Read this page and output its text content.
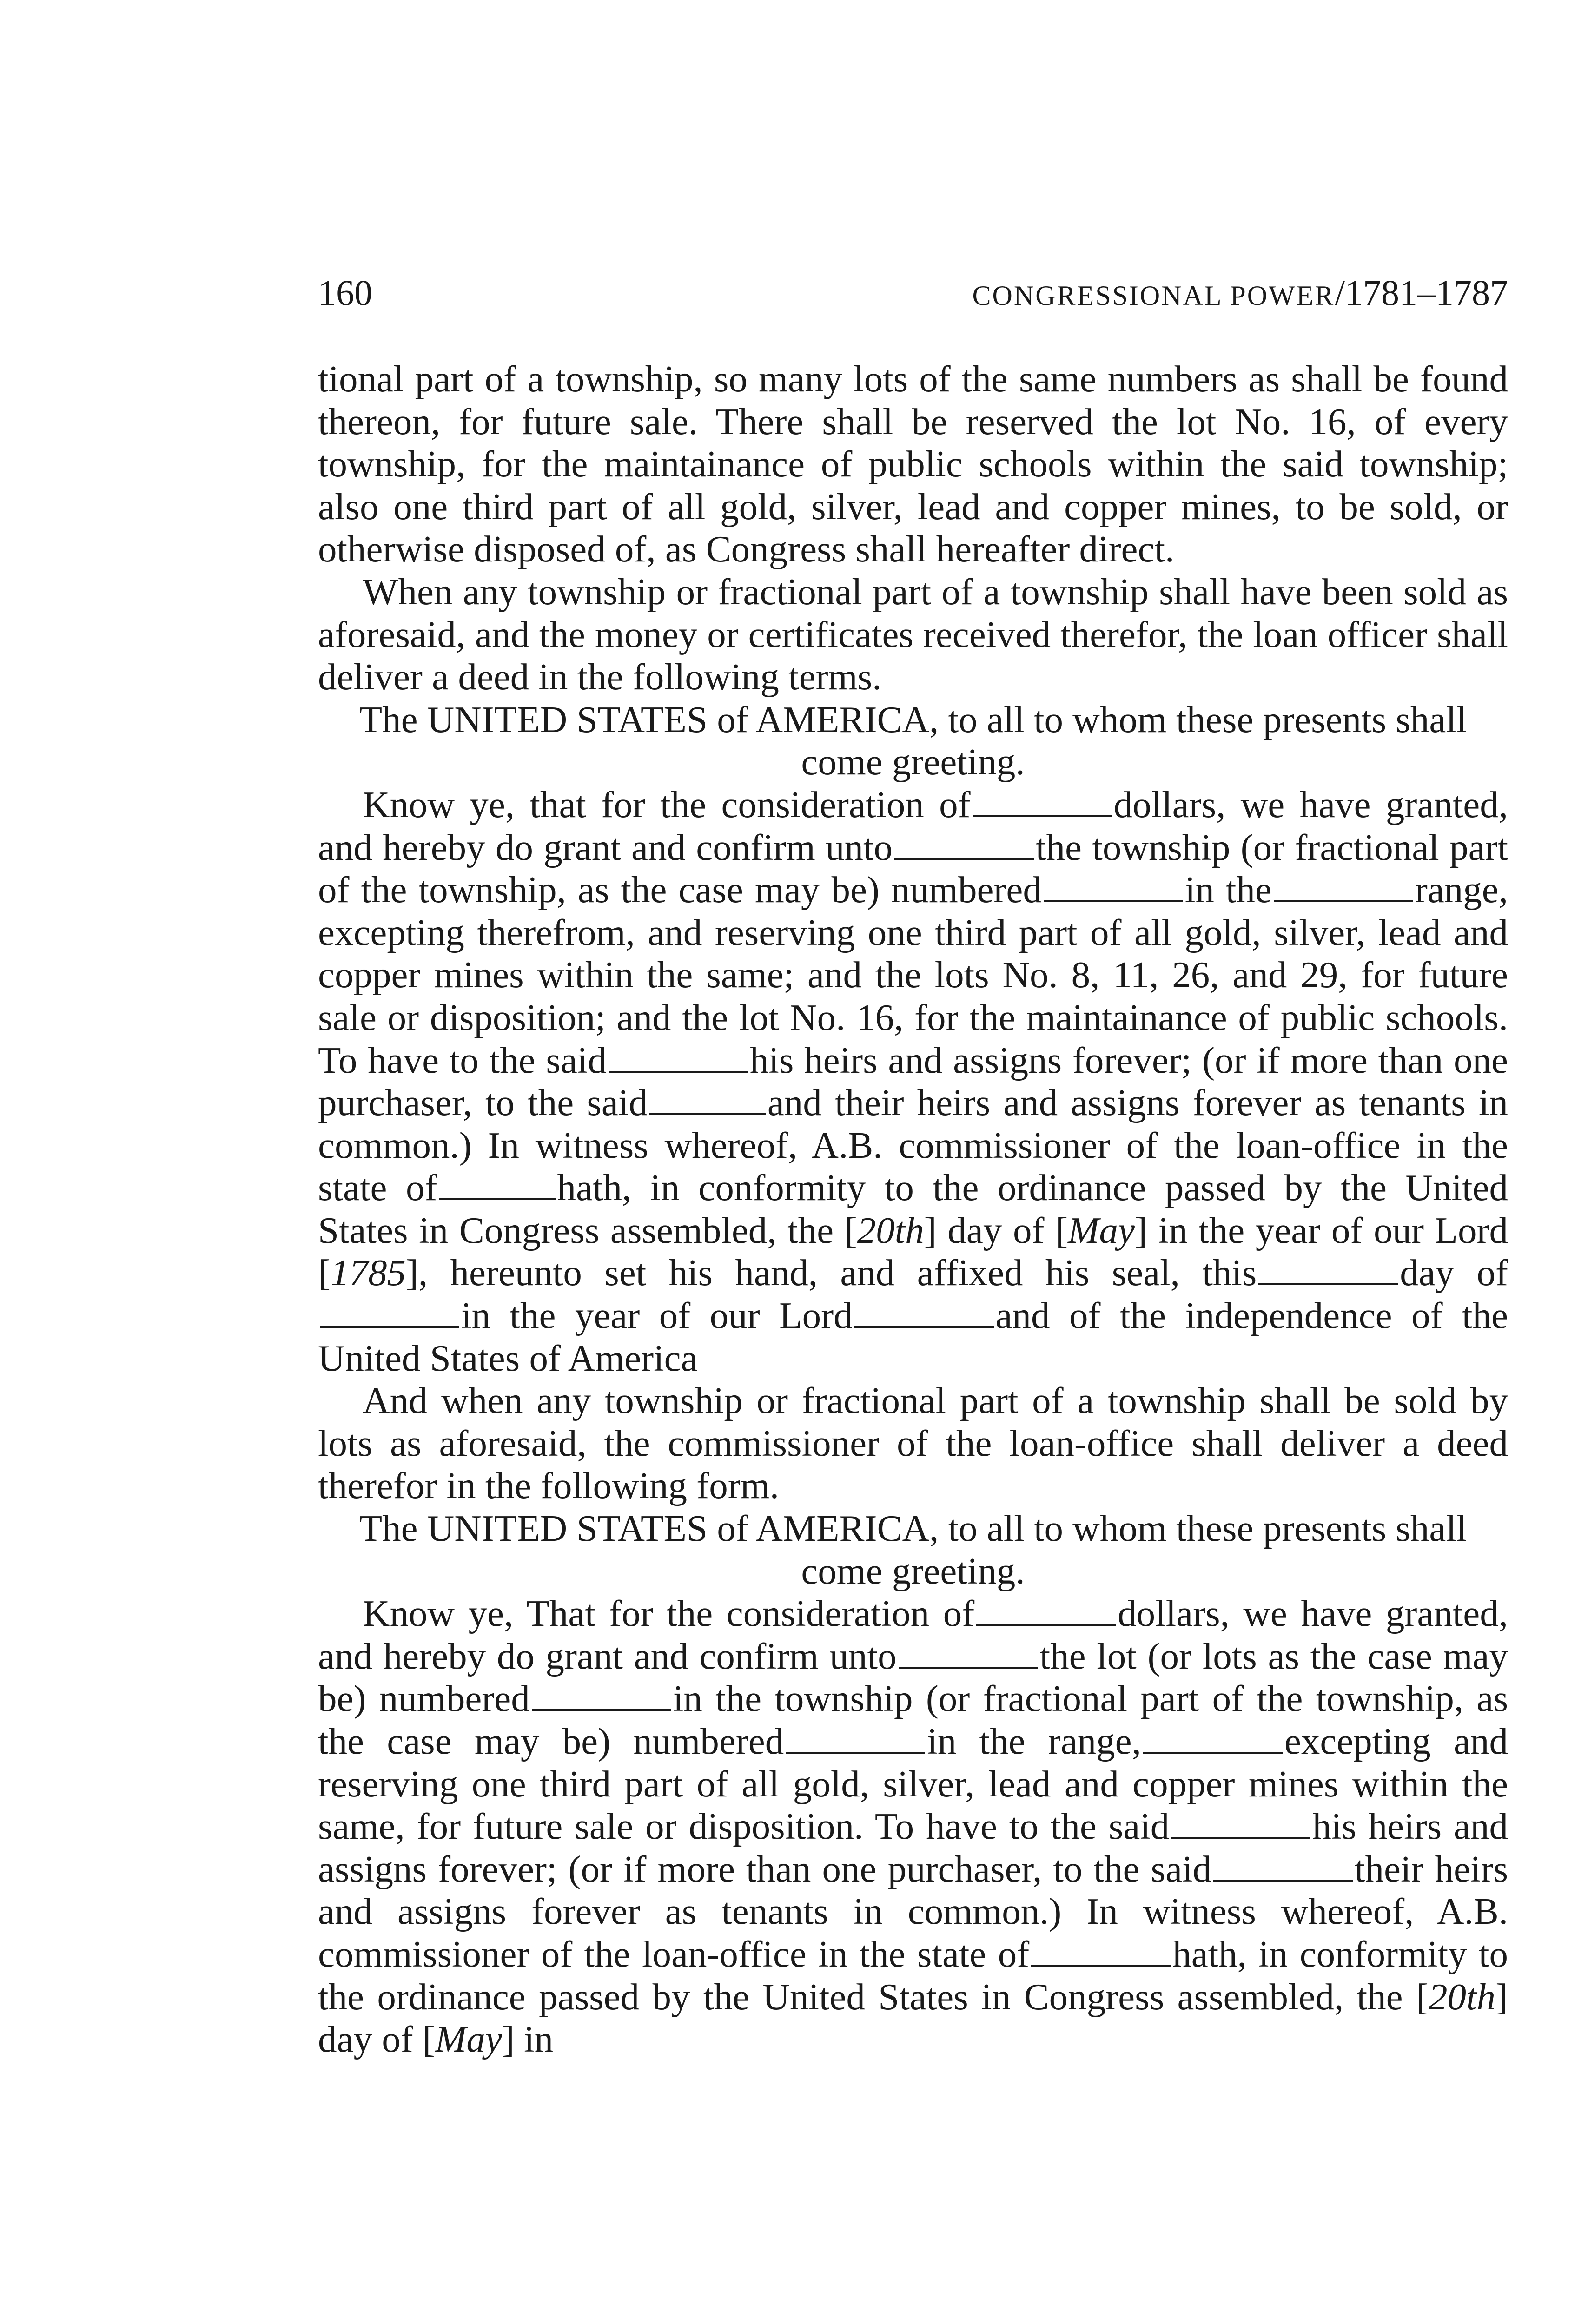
160	CONGRESSIONAL POWER/1781–1787

tional part of a township, so many lots of the same numbers as shall be found thereon, for future sale. There shall be reserved the lot No. 16, of every township, for the maintainance of public schools within the said township; also one third part of all gold, silver, lead and copper mines, to be sold, or otherwise disposed of, as Congress shall hereafter direct.

When any township or fractional part of a township shall have been sold as aforesaid, and the money or certificates received therefor, the loan officer shall deliver a deed in the following terms.

The UNITED STATES of AMERICA, to all to whom these presents shall come greeting.

Know ye, that for the consideration of	dollars, we have granted, and hereby do grant and confirm unto	the township (or fractional part of the township, as the case may be) numbered	in the	range, excepting therefrom, and reserving one third part of all gold, silver, lead and copper mines within the same; and the lots No. 8, 11, 26, and 29, for future sale or disposition; and the lot No. 16, for the maintainance of public schools. To have to the said	his heirs and assigns forever; (or if more than one purchaser, to the said	and their heirs and assigns forever as tenants in common.) In witness whereof, A.B. commissioner of the loan-office in the state of	hath, in conformity to the ordinance passed by the United States in Congress assembled, the [20th] day of [May] in the year of our Lord [1785], hereunto set his hand, and affixed his seal, this	day ofin the year of our Lord	and of the independence of the United States of America

And when any township or fractional part of a township shall be sold by lots as aforesaid, the commissioner of the loan-office shall deliver a deed therefor in the following form.

The UNITED STATES of AMERICA, to all to whom these presents shall come greeting.

Know ye, That for the consideration of	dollars, we have granted, and hereby do grant and confirm unto	the lot (or lots as the case may be) numbered	in the township (or fractional part of the township, as the case may be) numbered	in the range,	excepting and reserving one third part of all gold, silver, lead and copper mines within the same, for future sale or disposition. To have to the said	his heirs and assigns forever; (or if more than one purchaser, to the said	their heirs and assigns forever as tenants in common.) In witness whereof, A.B. commissioner of the loan-office in the state of	hath, in conformity to the ordinance passed by the United States in Congress assembled, the [20th] day of [May] in
